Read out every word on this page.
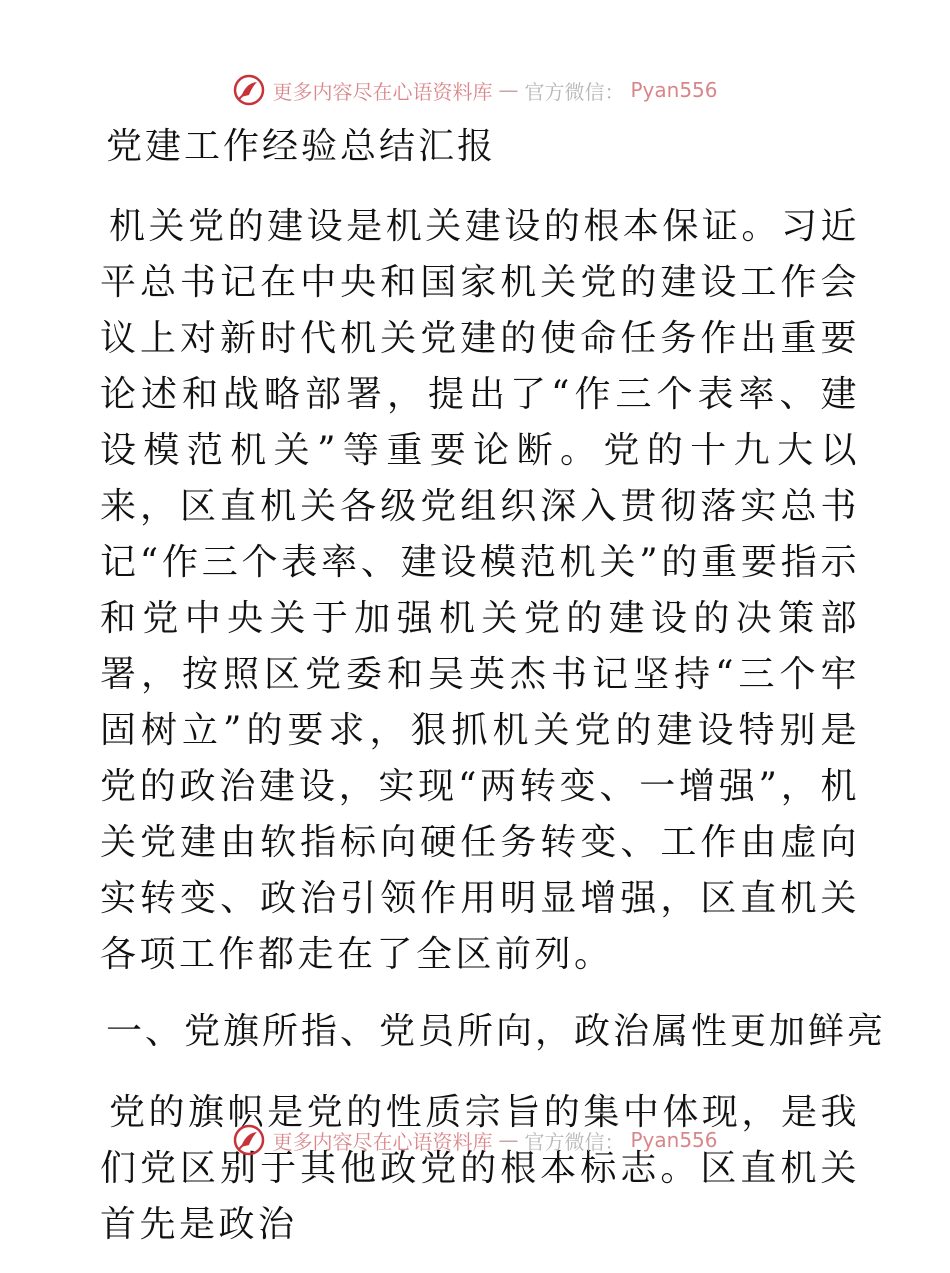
更多内容尽在心语资料库 — 官方微信： Pyan556
党建工作经验总结汇报

机关党的建设是机关建设的根本保证。习近平总书记在中央和国家机关党的建设工作会议上对新时代机关党建的使命任务作出重要论述和战略部署，提出了“作三个表率、建设模范机关”等重要论断。党的十九大以来，区直机关各级党组织深入贯彻落实总书记“作三个表率、建设模范机关”的重要指示和党中央关于加强机关党的建设的决策部署，按照区党委和吴英杰书记坚持“三个牢固树立”的要求，狠抓机关党的建设特别是党的政治建设，实现“两转变、一增强”，机关党建由软指标向硬任务转变、工作由虚向实转变、政治引领作用明显增强，区直机关各项工作都走在了全区前列。

一、党旗所指、党员所向，政治属性更加鲜亮

党的旗帜是党的性质宗旨的集中体现，是我们党区别于其他政党的根本标志。区直机关首先是政治

更多内容尽在心语资料库 — 官方微信： Pyan556
